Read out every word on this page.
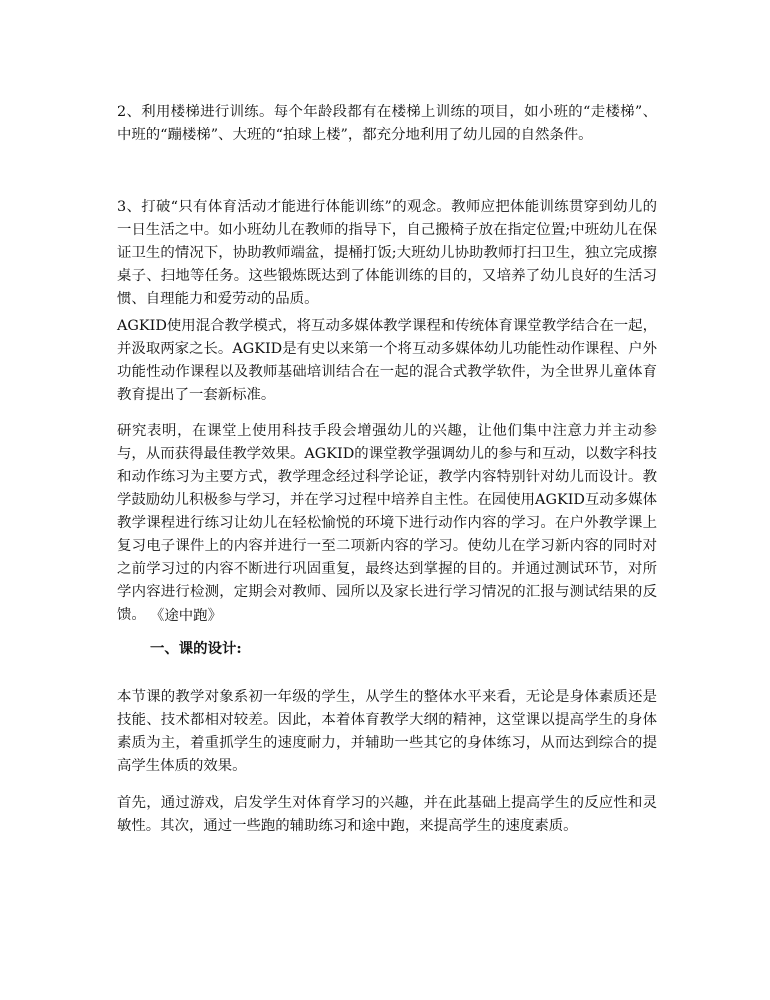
2、利用楼梯进行训练。每个年龄段都有在楼梯上训练的项目，如小班的“走楼梯”、中班的“蹦楼梯”、大班的“拍球上楼”，都充分地利用了幼儿园的自然条件。

3、打破“只有体育活动才能进行体能训练”的观念。教师应把体能训练贯穿到幼儿的一日生活之中。如小班幼儿在教师的指导下，自己搬椅子放在指定位置;中班幼儿在保证卫生的情况下，协助教师端盆，提桶打饭;大班幼儿协助教师打扫卫生，独立完成擦桌子、扫地等任务。这些锻炼既达到了体能训练的目的，又培养了幼儿良好的生活习惯、自理能力和爱劳动的品质。

AGKID使用混合教学模式，将互动多媒体教学课程和传统体育课堂教学结合在一起，并汲取两家之长。AGKID是有史以来第一个将互动多媒体幼儿功能性动作课程、户外功能性动作课程以及教师基础培训结合在一起的混合式教学软件，为全世界儿童体育教育提出了一套新标准。

研究表明，在课堂上使用科技手段会增强幼儿的兴趣，让他们集中注意力并主动参与，从而获得最佳教学效果。AGKID的课堂教学强调幼儿的参与和互动，以数字科技和动作练习为主要方式，教学理念经过科学论证，教学内容特别针对幼儿而设计。教学鼓励幼儿积极参与学习，并在学习过程中培养自主性。在园使用AGKID互动多媒体教学课程进行练习让幼儿在轻松愉悦的环境下进行动作内容的学习。在户外教学课上复习电子课件上的内容并进行一至二项新内容的学习。使幼儿在学习新内容的同时对之前学习过的内容不断进行巩固重复，最终达到掌握的目的。并通过测试环节，对所学内容进行检测，定期会对教师、园所以及家长进行学习情况的汇报与测试结果的反馈。 《途中跑》

一、课的设计:

本节课的教学对象系初一年级的学生，从学生的整体水平来看，无论是身体素质还是技能、技术都相对较差。因此，本着体育教学大纲的精神，这堂课以提高学生的身体素质为主，着重抓学生的速度耐力，并辅助一些其它的身体练习，从而达到综合的提高学生体质的效果。

首先，通过游戏，启发学生对体育学习的兴趣，并在此基础上提高学生的反应性和灵敏性。其次，通过一些跑的辅助练习和途中跑，来提高学生的速度素质。
